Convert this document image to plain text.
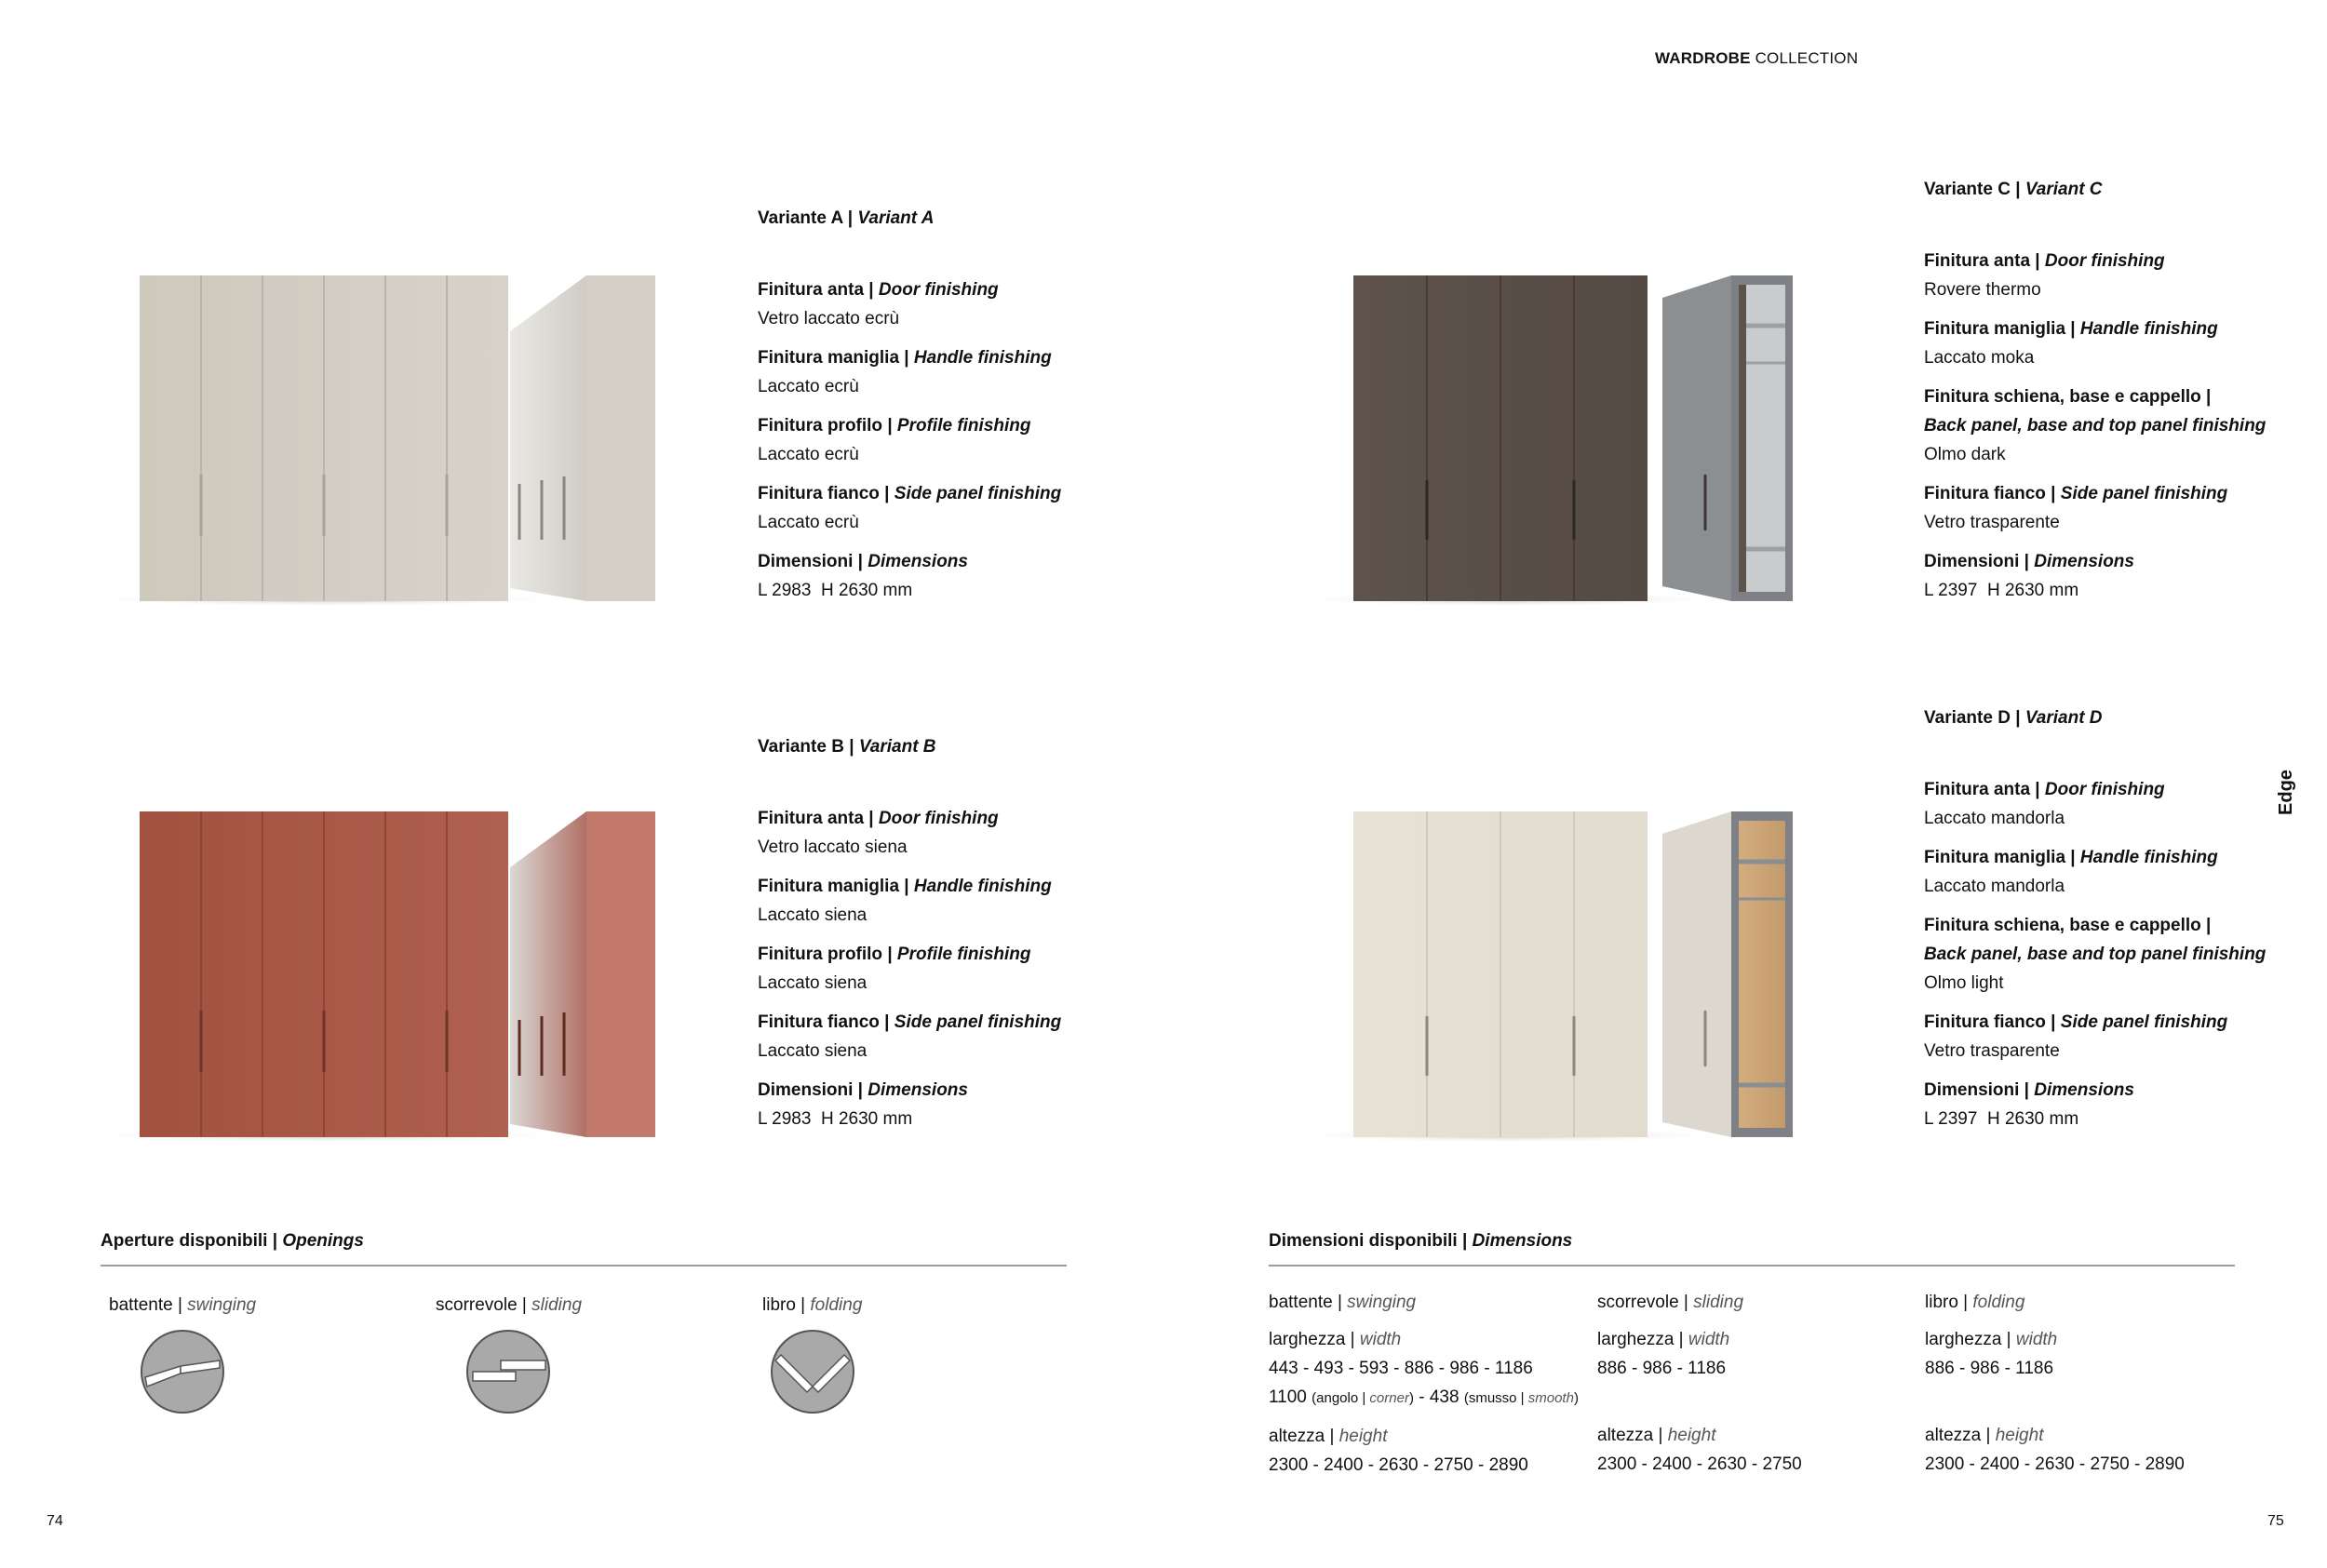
WARDROBE COLLECTION
Edge
74	75
Variante A | Variant A
Finitura anta | Door finishing
Vetro laccato ecrù
Finitura maniglia | Handle finishing
Laccato ecrù
Finitura profilo | Profile finishing
Laccato ecrù
Finitura fianco | Side panel finishing
Laccato ecrù
Dimensioni | Dimensions
L 2983  H 2630 mm
Variante B | Variant B
Finitura anta | Door finishing
Vetro laccato siena
Finitura maniglia | Handle finishing
Laccato siena
Finitura profilo | Profile finishing
Laccato siena
Finitura fianco | Side panel finishing
Laccato siena
Dimensioni | Dimensions
L 2983  H 2630 mm
Variante C | Variant C
Finitura anta | Door finishing
Rovere thermo
Finitura maniglia | Handle finishing
Laccato moka
Finitura schiena, base e cappello |
Back panel, base and top panel finishing
Olmo dark
Finitura fianco | Side panel finishing
Vetro trasparente
Dimensioni | Dimensions
L 2397  H 2630 mm
Variante D | Variant D
Finitura anta | Door finishing
Laccato mandorla
Finitura maniglia | Handle finishing
Laccato mandorla
Finitura schiena, base e cappello |
Back panel, base and top panel finishing
Olmo light
Finitura fianco | Side panel finishing
Vetro trasparente
Dimensioni | Dimensions
L 2397  H 2630 mm
Aperture disponibili | Openings
battente | swinging	scorrevole | sliding	libro | folding
Dimensioni disponibili | Dimensions
battente | swinging
larghezza | width
443 - 493 - 593 - 886 - 986 - 1186
1100 (angolo | corner) - 438 (smusso | smooth)
altezza | height
2300 - 2400 - 2630 - 2750 - 2890
scorrevole | sliding
larghezza | width
886 - 986 - 1186
altezza | height
2300 - 2400 - 2630 - 2750
libro | folding
larghezza | width
886 - 986 - 1186
altezza | height
2300 - 2400 - 2630 - 2750 - 2890
